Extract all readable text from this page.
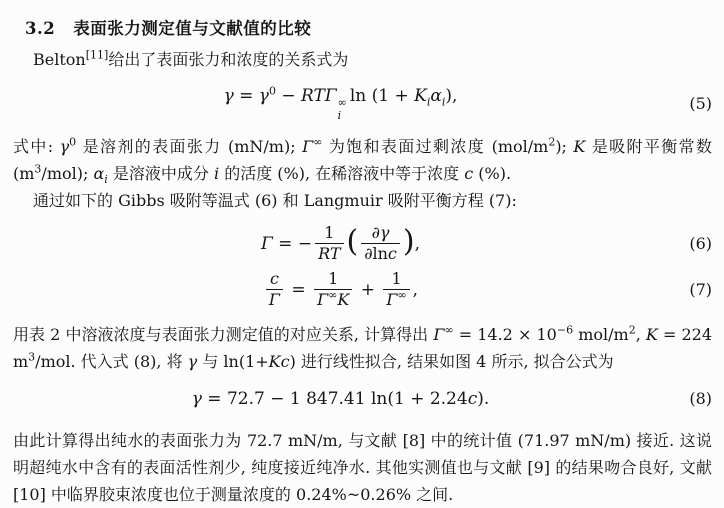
3.2 表面张力测定值与文献值的比较

Belton[11]给出了表面张力和浓度的关系式为

$\gamma = \gamma^0 - RT\Gamma$ ∞
i
$\ln (1 + K_i\alpha_i)$,	(5)

式中: $\gamma^0$ 是溶剂的表面张力 (mN/m); Γ∞ 为饱和表面过剩浓度 $(mol/m^2)$; K 是吸附平衡常数 $(m^3/mol)$; $\alpha_i$ 是溶液中成分 i 的活度 (%), 在稀溶液中等于浓度 c (%).

通过如下的 Gibbs 吸附等温式 (6) 和 Langmuir 吸附平衡方程 (7):

Γ = − $\frac{1}{RT}$ ( $\frac{\partial\gamma}{\partial\ln c}$ ),	(6)
$\frac{c}{\Gamma} = \frac{1}{\Gamma^\infty K} + \frac{1}{\Gamma^\infty}$ ,	(7)

用表 2 中溶液浓度与表面张力测定值的对应关系, 计算得出 $\Gamma^\infty = 14.2 \times 10^{-6}$ mol/$m^2$, K = 224 $m^3$/mol. 代入式 (8), 将 γ 与 ln(1+Kc) 进行线性拟合, 结果如图 4 所示, 拟合公式为

γ = 72.7 − 1 847.41 ln(1 + 2.24c).	(8)

由此计算得出纯水的表面张力为 72.7 mN/m, 与文献 [8] 中的统计值 (71.97 mN/m) 接近. 这说明超纯水中含有的表面活性剂少, 纯度接近纯净水. 其他实测值也与文献 [9] 的结果吻合良好, 文献 [10] 中临界胶束浓度也位于测量浓度的 0.24%~0.26% 之间.
